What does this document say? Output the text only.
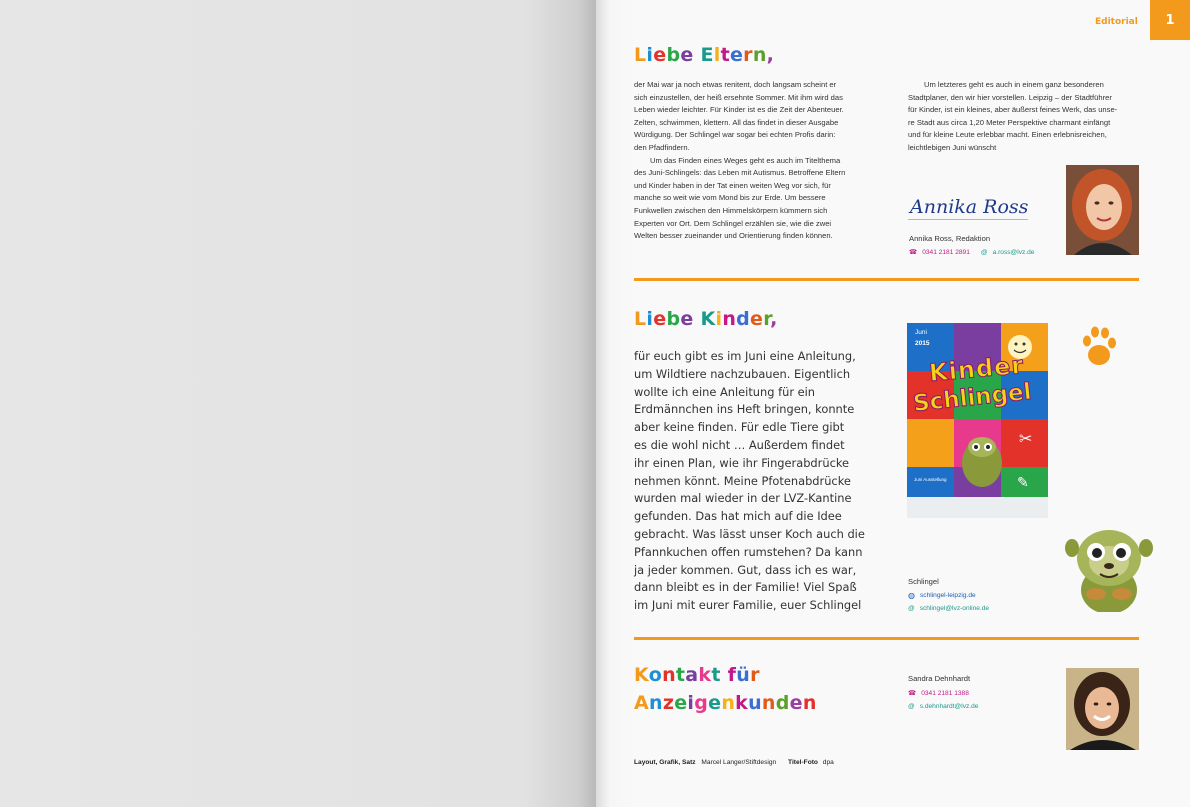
Editorial	1
Liebe Eltern,
der Mai war ja noch etwas renitent, doch langsam scheint er
sich einzustellen, der heiß ersehnte Sommer. Mit ihm wird das
Leben wieder leichter. Für Kinder ist es die Zeit der Abenteuer.
Zelten, schwimmen, klettern. All das findet in dieser Ausgabe
Würdigung. Der Schlingel war sogar bei echten Profis darin:
den Pfadfindern.
Um das Finden eines Weges geht es auch im Titelthema
des Juni-Schlingels: das Leben mit Autismus. Betroffene Eltern
und Kinder haben in der Tat einen weiten Weg vor sich, für
manche so weit wie vom Mond bis zur Erde. Um bessere
Funkwellen zwischen den Himmelskörpern kümmern sich
Experten vor Ort. Dem Schlingel erzählen sie, wie die zwei
Welten besser zueinander und Orientierung finden können.
Um letzteres geht es auch in einem ganz besonderen
Stadtplaner, den wir hier vorstellen. Leipzig – der Stadtführer
für Kinder, ist ein kleines, aber äußerst feines Werk, das unse-
re Stadt aus circa 1,20 Meter Perspektive charmant einfängt
und für kleine Leute erlebbar macht. Einen erlebnisreichen,
leichtlebigen Juni wünscht
Annika Ross
Annika Ross, Redaktion
☎ 0341 2181 2891 @ a.ross@lvz.de
Liebe Kinder,
für euch gibt es im Juni eine Anleitung,
um Wildtiere nachzubauen. Eigentlich
wollte ich eine Anleitung für ein
Erdmännchen ins Heft bringen, konnte
aber keine finden. Für edle Tiere gibt
es die wohl nicht … Außerdem findet
ihr einen Plan, wie ihr Fingerabdrücke
nehmen könnt. Meine Pfotenabdrücke
wurden mal wieder in der LVZ-Kantine
gefunden. Das hat mich auf die Idee
gebracht. Was lässt unser Koch auch die
Pfannkuchen offen rumstehen? Da kann
ja jeder kommen. Gut, dass ich es war,
dann bleibt es in der Familie! Viel Spaß
im Juni mit eurer Familie, euer Schlingel
Juni
2015
Kinder
Schlingel
Juni Ausstellung
✂
✎
Schlingel
◍ schlingel-leipzig.de
@ schlingel@lvz-online.de
Kontakt für
Anzeigenkunden
Sandra Dehnhardt
☎ 0341 2181 1388
@ s.dehnhardt@lvz.de
Layout, Grafik, Satz Marcel Langer/Stiftdesign Titel-Foto dpa
